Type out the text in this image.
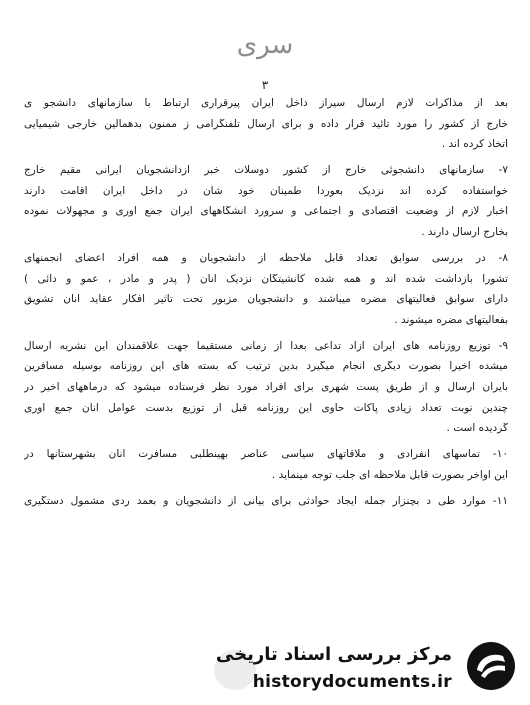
سری
۳
بعد از مذاکرات لازم ارسال سیراز داخل ایران پیرقراری ارتباط با سازمانهای دانشجو ی
خارج از کشور را مورد تائید قرار داده و برای ارسال تلفنگرامی ز ممنون بدهمالین خارجی شیمیایی
اتخاذ کرده اند .
۷- سازمانهای دانشجوئی خارج از کشور دوسلات خبر ازدانشجویان ایرانی مقیم خارج
خواستفاده کرده اند نزدیک بعوردا طمینان خود شان در داخل ایران اقامت دارند
اخبار لازم از وضعیت اقتصادی و اجتماعی و سرورد انشگاههای ایران جمع آوری و مجهولات نموده
بخارج ارسال دارند .
۸- در بررسی سوابق تعداد قابل ملاحظه از دانشجویان و همه افراد اعضای انجمنهای
تشورا بازداشت شده اند و همه شده کانشیتگان نزدیک آنان ( پدر و مادر ، عمو و دائی )
دارای سوابق فعالیتهای مضره میباشند و دانشجویان مزبور تحت تاثیر افکار عقاید آنان تشویق
بفعالیتهای مضره میشوند .
۹- توزیع روزنامه های ایران آزاد تداعی بعدا از زمانی مستقیما جهت علاقمندان این نشریه ارسال
میشده اخیرا بصورت دیگری انجام میگیرد بدین ترتیب که بسته های این روزنامه بوسیله مسافرین
بایران ارسال و از طریق پست شهری برای افراد مورد نظر فرستاده میشود که درماههای اخیر در
چندین نوبت تعداد زیادی پاکات حاوی این روزنامه قبل از توزیع بدست عوامل آنان جمع آوری
گردیده است .
۱۰- تماسهای انفرادی و ملاقاتهای سیاسی عناصر بهینطلبی مسافرت آنان بشهرستانها در
این اواخر بصورت قابل ملاحظه ای جلب توجه مینماید .
۱۱- موارد طی د بچنزار جمله ایجاد حوادثی برای بیانی از دانشجویان و بعمد ردی مشمول دستگیری
مرکز بررسی اسناد تاریخی
historydocuments.ir
